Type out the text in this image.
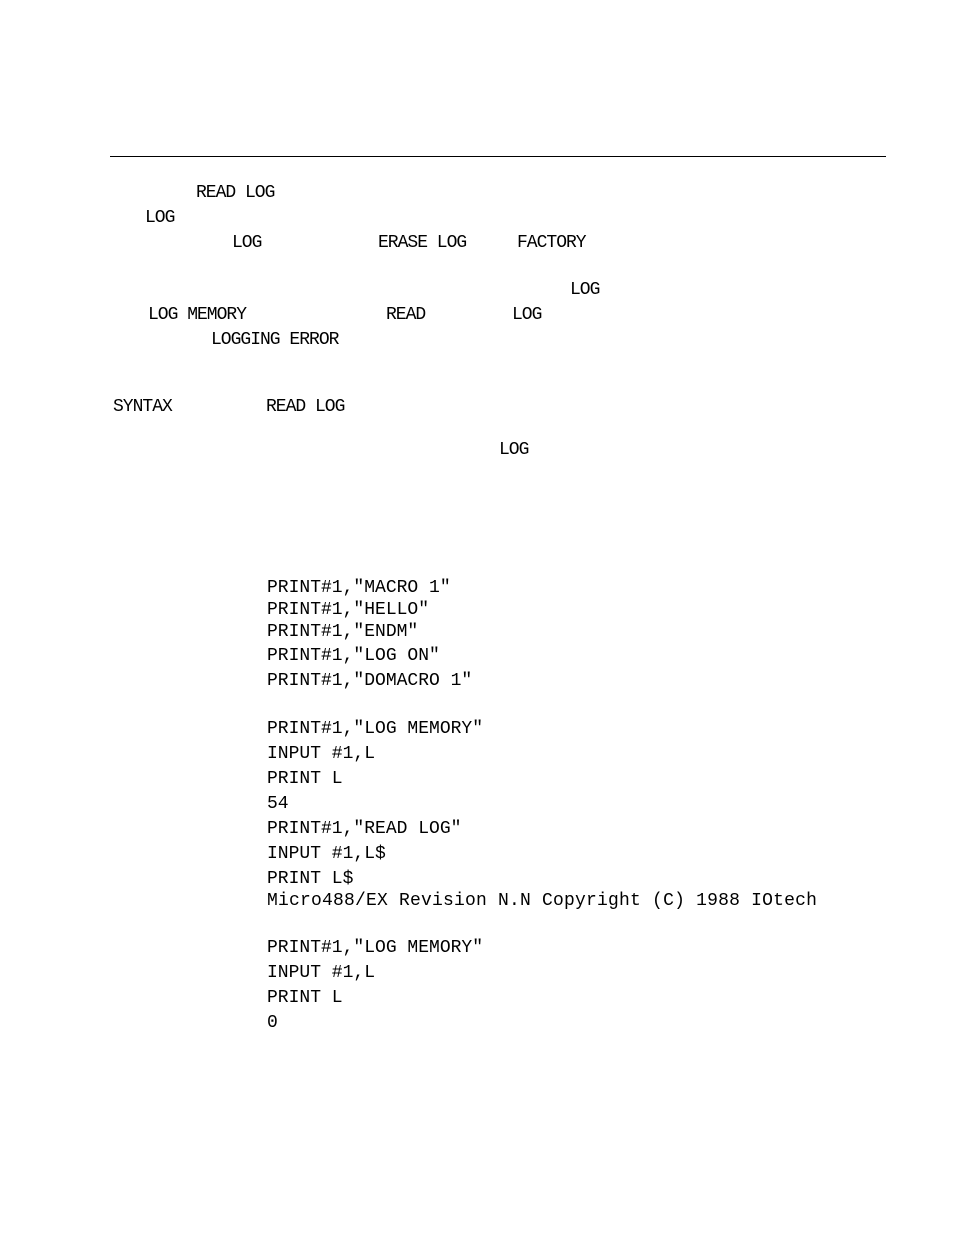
READ LOG
LOG
LOG	ERASE LOG	FACTORY
LOG
LOG MEMORY	READ	LOG
LOGGING ERROR
SYNTAX	READ LOG
LOG
PRINT#1,"MACRO 1"
PRINT#1,"HELLO"
PRINT#1,"ENDM"
PRINT#1,"LOG ON"
PRINT#1,"DOMACRO 1"
PRINT#1,"LOG MEMORY"
INPUT #1,L
PRINT L
54
PRINT#1,"READ LOG"
INPUT #1,L$
PRINT L$
Micro488/EX Revision N.N Copyright (C) 1988 IOtech
PRINT#1,"LOG MEMORY"
INPUT #1,L
PRINT L
0
